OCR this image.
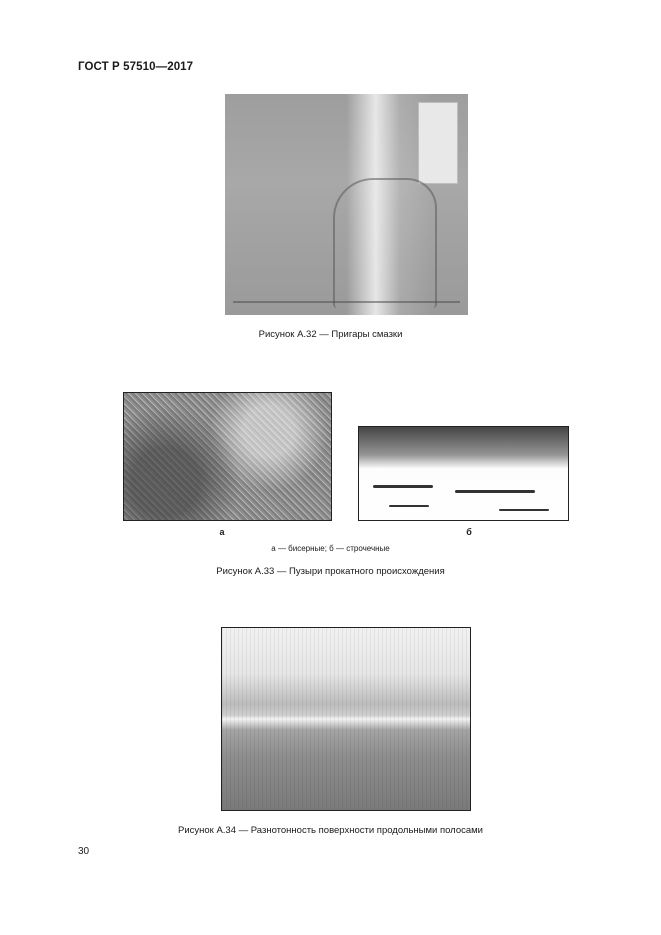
ГОСТ Р 57510—2017
Рисунок А.32 — Пригары смазки
а	б
а — бисерные; б — строчечные
Рисунок А.33 — Пузыри прокатного происхождения
Рисунок А.34 — Разнотонность поверхности продольными полосами
30
